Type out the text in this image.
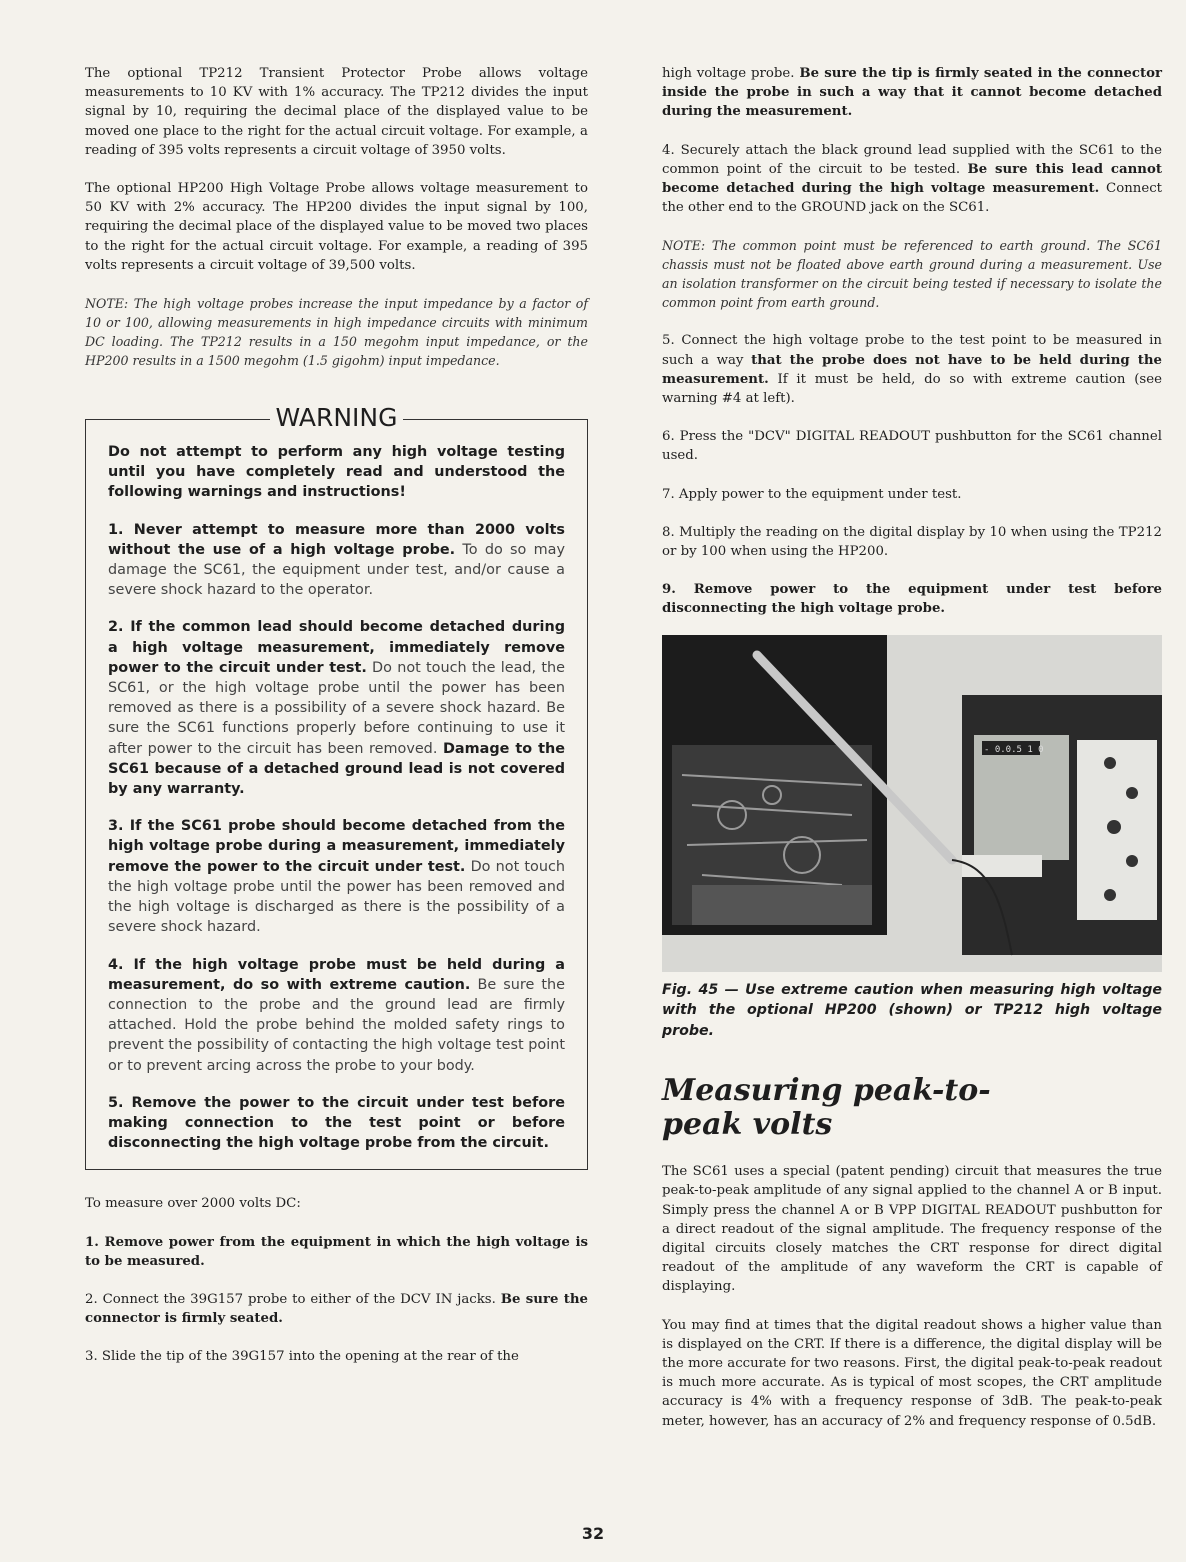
The optional TP212 Transient Protector Probe allows voltage measurements to 10 KV with 1% accuracy. The TP212 divides the input signal by 10, requiring the decimal place of the displayed value to be moved one place to the right for the actual circuit voltage. For example, a reading of 395 volts represents a circuit voltage of 3950 volts.

The optional HP200 High Voltage Probe allows voltage measurement to 50 KV with 2% accuracy. The HP200 divides the input signal by 100, requiring the decimal place of the displayed value to be moved two places to the right for the actual circuit voltage. For example, a reading of 395 volts represents a circuit voltage of 39,500 volts.

NOTE: The high voltage probes increase the input impedance by a factor of 10 or 100, allowing measurements in high impedance circuits with minimum DC loading. The TP212 results in a 150 megohm input impedance, or the HP200 results in a 1500 megohm (1.5 gigohm) input impedance.

WARNING

Do not attempt to perform any high voltage testing until you have completely read and understood the following warnings and instructions!

1. Never attempt to measure more than 2000 volts without the use of a high voltage probe. To do so may damage the SC61, the equipment under test, and/or cause a severe shock hazard to the operator.

2. If the common lead should become detached during a high voltage measurement, immediately remove power to the circuit under test. Do not touch the lead, the SC61, or the high voltage probe until the power has been removed as there is a possibility of a severe shock hazard. Be sure the SC61 functions properly before continuing to use it after power to the circuit has been removed. Damage to the SC61 because of a detached ground lead is not covered by any warranty.

3. If the SC61 probe should become detached from the high voltage probe during a measurement, immediately remove the power to the circuit under test. Do not touch the high voltage probe until the power has been removed and the high voltage is discharged as there is the possibility of a severe shock hazard.

4. If the high voltage probe must be held during a measurement, do so with extreme caution. Be sure the connection to the probe and the ground lead are firmly attached. Hold the probe behind the molded safety rings to prevent the possibility of contacting the high voltage test point or to prevent arcing across the probe to your body.

5. Remove the power to the circuit under test before making connection to the test point or before disconnecting the high voltage probe from the circuit.

To measure over 2000 volts DC:

1. Remove power from the equipment in which the high voltage is to be measured.

2. Connect the 39G157 probe to either of the DCV IN jacks. Be sure the connector is firmly seated.

3. Slide the tip of the 39G157 into the opening at the rear of the

high voltage probe. Be sure the tip is firmly seated in the connector inside the probe in such a way that it cannot become detached during the measurement.

4. Securely attach the black ground lead supplied with the SC61 to the common point of the circuit to be tested. Be sure this lead cannot become detached during the high voltage measurement. Connect the other end to the GROUND jack on the SC61.

NOTE: The common point must be referenced to earth ground. The SC61 chassis must not be floated above earth ground during a measurement. Use an isolation transformer on the circuit being tested if necessary to isolate the common point from earth ground.

5. Connect the high voltage probe to the test point to be measured in such a way that the probe does not have to be held during the measurement. If it must be held, do so with extreme caution (see warning #4 at left).

6. Press the "DCV" DIGITAL READOUT pushbutton for the SC61 channel used.

7. Apply power to the equipment under test.

8. Multiply the reading on the digital display by 10 when using the TP212 or by 100 when using the HP200.

9. Remove power to the equipment under test before disconnecting the high voltage probe.

- 0.0.5 1 0

Fig. 45 — Use extreme caution when measuring high voltage with the optional HP200 (shown) or TP212 high voltage probe.

Measuring peak-to-
peak volts

The SC61 uses a special (patent pending) circuit that measures the true peak-to-peak amplitude of any signal applied to the channel A or B input. Simply press the channel A or B VPP DIGITAL READOUT pushbutton for a direct readout of the signal amplitude. The frequency response of the digital circuits closely matches the CRT response for direct digital readout of the amplitude of any waveform the CRT is capable of displaying.

You may find at times that the digital readout shows a higher value than is displayed on the CRT. If there is a difference, the digital display will be the more accurate for two reasons. First, the digital peak-to-peak readout is much more accurate. As is typical of most scopes, the CRT amplitude accuracy is 4% with a frequency response of 3dB. The peak-to-peak meter, however, has an accuracy of 2% and frequency response of 0.5dB.

32
